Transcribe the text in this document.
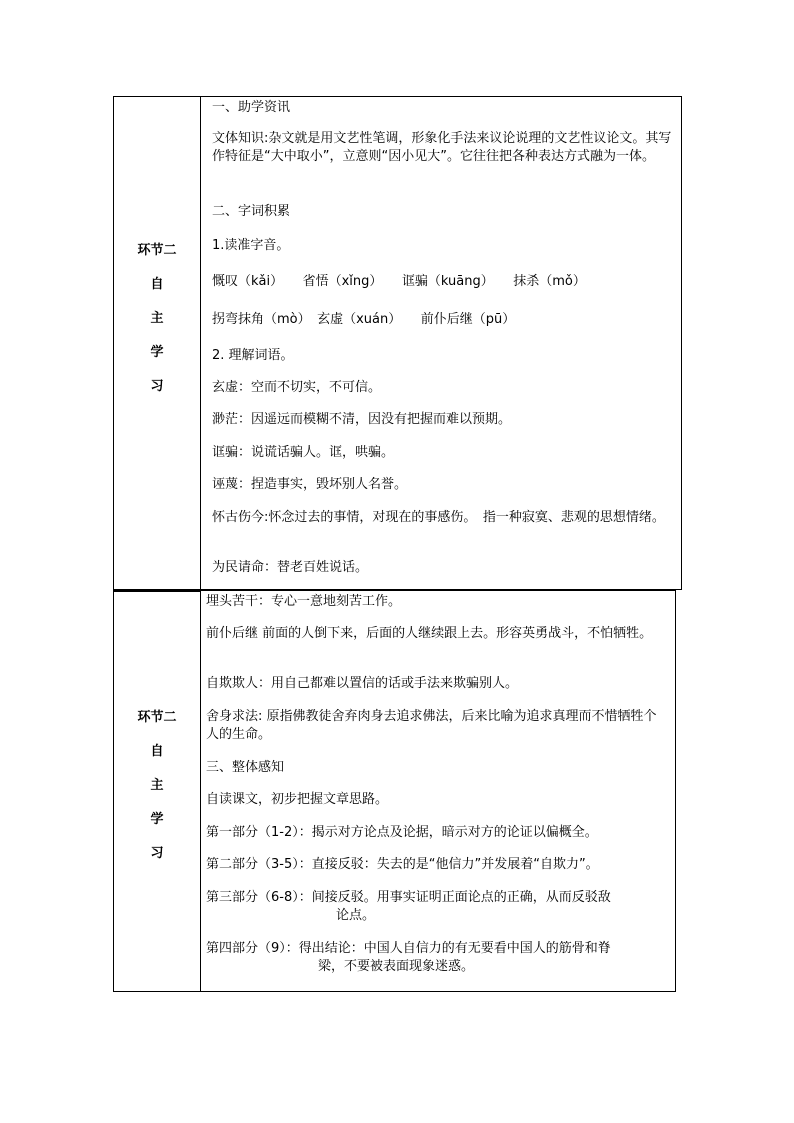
环节二
自
主
学
习
一、助学资讯
文体知识:杂文就是用文艺性笔调，形象化手法来议论说理的文艺性议论文。其写作特征是“大中取小”，立意则“因小见大”。它往往把各种表达方式融为一体。
二、字词积累
1.读准字音。
慨叹（kǎi）　　省悟（xǐng）　　诓骗（kuāng）　　抹杀（mǒ）
拐弯抹角（mò）　玄虚（xuán）　　前仆后继（pū）
2. 理解词语。
玄虚：空而不切实，不可信。
渺茫：因遥远而模糊不清，因没有把握而难以预期。
诓骗：说谎话骗人。诓，哄骗。
诬蔑：捏造事实，毁坏别人名誉。
怀古伤今:怀念过去的事情，对现在的事感伤。　指一种寂寞、悲观的思想情绪。
为民请命：替老百姓说话。
环节二
自
主
学
习
埋头苦干：专心一意地刻苦工作。
前仆后继 前面的人倒下来，后面的人继续跟上去。形容英勇战斗，不怕牺牲。
自欺欺人：用自己都难以置信的话或手法来欺骗别人。
舍身求法: 原指佛教徒舍弃肉身去追求佛法，后来比喻为追求真理而不惜牺牲个人的生命。
三、整体感知
自读课文，初步把握文章思路。
第一部分（1-2）：揭示对方论点及论据，暗示对方的论证以偏概全。
第二部分（3-5）：直接反驳：失去的是“他信力”并发展着“自欺力”。
第三部分（6-8）：间接反驳。用事实证明正面论点的正确，从而反驳敌
论点。
第四部分（9）：得出结论：中国人自信力的有无要看中国人的筋骨和脊
梁，不要被表面现象迷惑。
